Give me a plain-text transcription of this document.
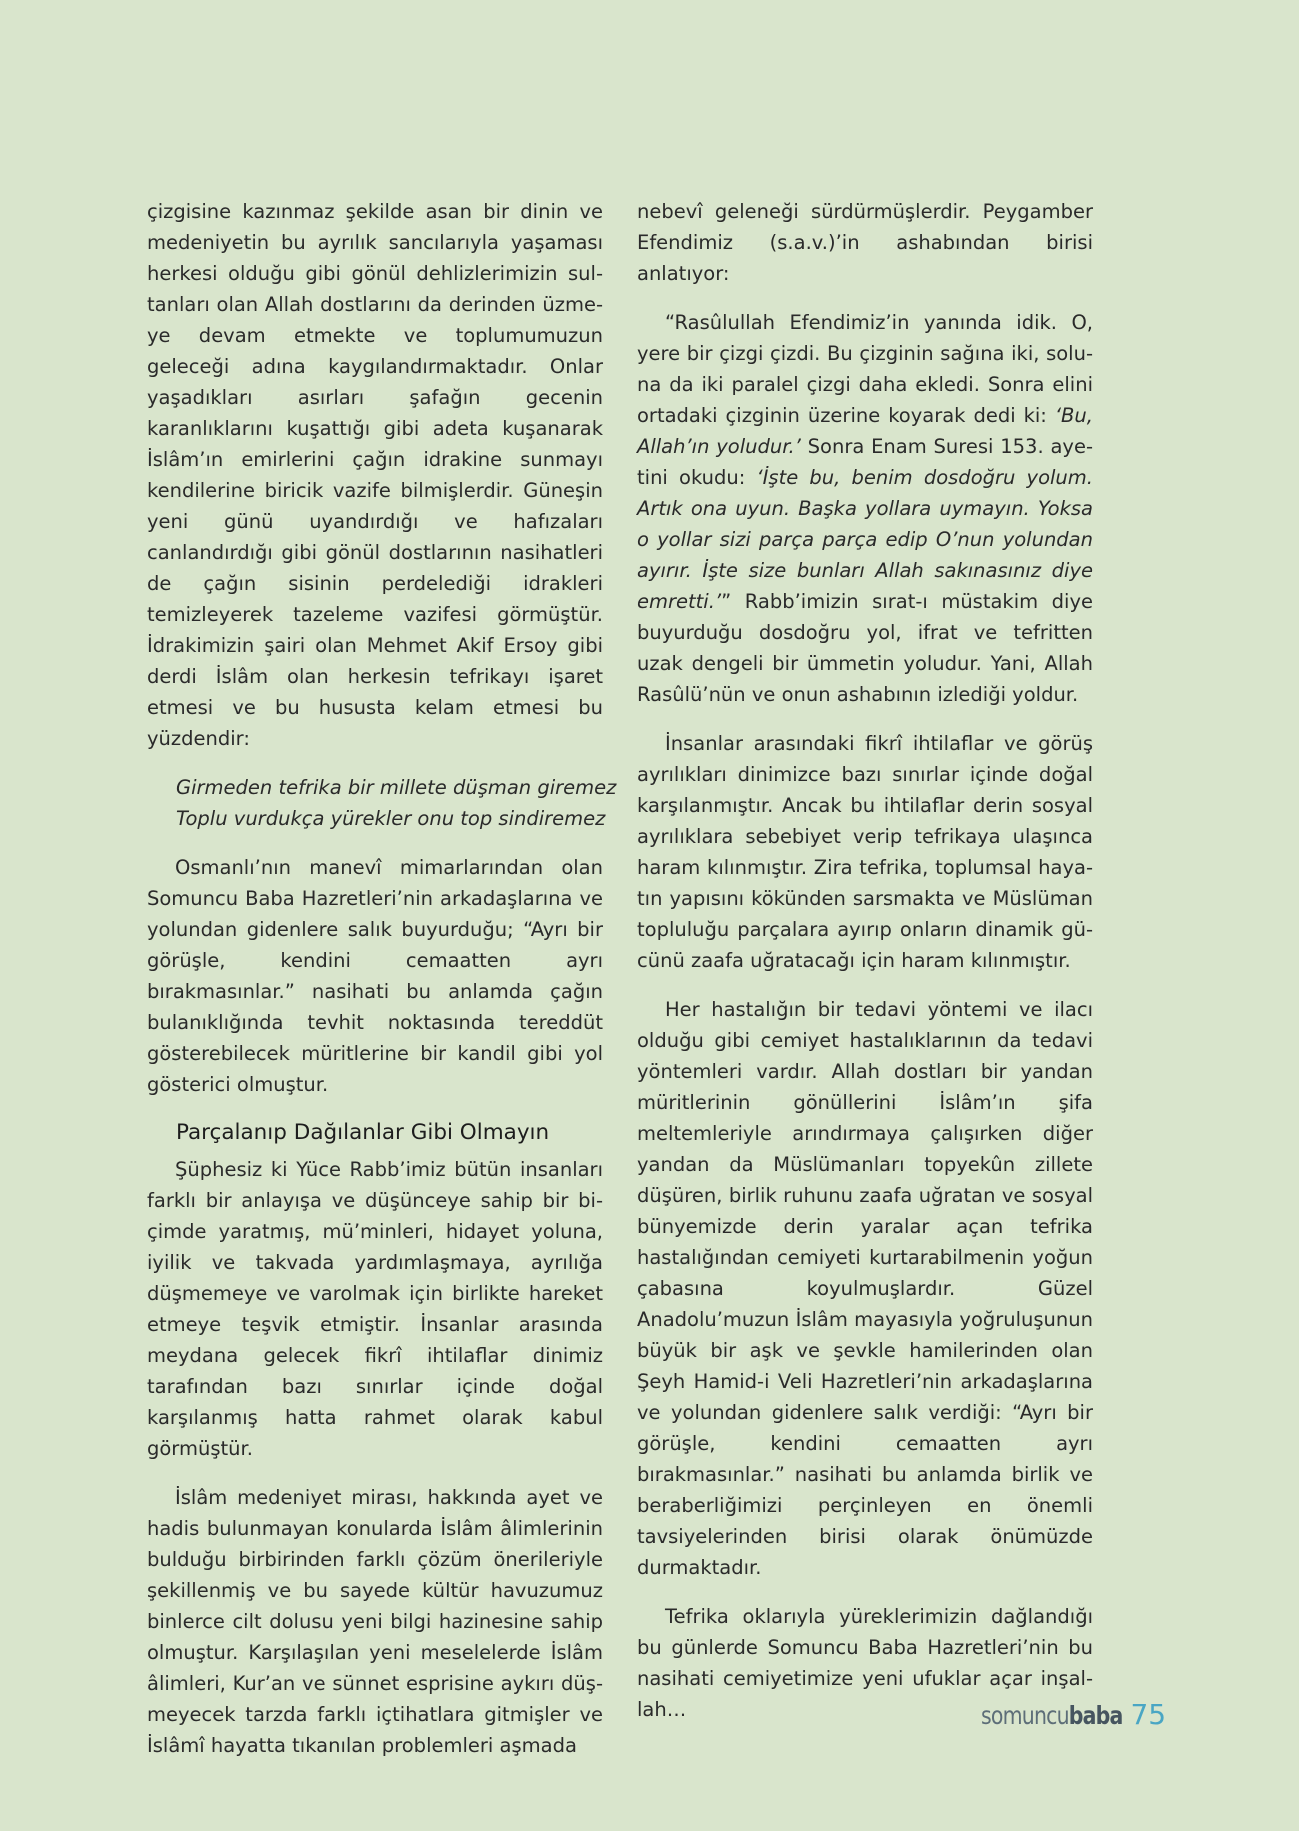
çizgisine kazınmaz şekilde asan bir dinin ve medeniyetin bu ayrılık sancılarıyla yaşaması herkesi olduğu gibi gönül dehlizlerimizin sultanları olan Allah dostlarını da derinden üzmeye devam etmekte ve toplumumuzun geleceği adına kaygılandırmaktadır. Onlar yaşadıkları asırları şafağın gecenin karanlıklarını kuşattığı gibi adeta kuşanarak İslâm’ın emirlerini çağın idrakine sunmayı kendilerine biricik vazife bilmişlerdir. Güneşin yeni günü uyandırdığı ve hafızaları canlandırdığı gibi gönül dostlarının nasihatleri de çağın sisinin perdelediği idrakleri temizleyerek tazeleme vazifesi görmüştür. İdrakimizin şairi olan Mehmet Akif Ersoy gibi derdi İslâm olan herkesin tefrikayı işaret etmesi ve bu hususta kelam etmesi bu yüzdendir:

Girmeden tefrika bir millete düşman giremez
Toplu vurdukça yürekler onu top sindiremez

Osmanlı’nın manevî mimarlarından olan Somuncu Baba Hazretleri’nin arkadaşlarına ve yolundan gidenlere salık buyurduğu; “Ayrı bir görüşle, kendini cemaatten ayrı bırakmasınlar.” nasihati bu anlamda çağın bulanıklığında tevhit noktasında tereddüt gösterebilecek müritlerine bir kandil gibi yol gösterici olmuştur.

Parçalanıp Dağılanlar Gibi Olmayın

Şüphesiz ki Yüce Rabb’imiz bütün insanları farklı bir anlayışa ve düşünceye sahip bir biçimde yaratmış, mü’minleri, hidayet yoluna, iyilik ve takvada yardımlaşmaya, ayrılığa düşmemeye ve varolmak için birlikte hareket etmeye teşvik etmiştir. İnsanlar arasında meydana gelecek fikrî ihtilaflar dinimiz tarafından bazı sınırlar içinde doğal karşılanmış hatta rahmet olarak kabul görmüştür.

İslâm medeniyet mirası, hakkında ayet ve hadis bulunmayan konularda İslâm âlimlerinin bulduğu birbirinden farklı çözüm önerileriyle şekillenmiş ve bu sayede kültür havuzumuz binlerce cilt dolusu yeni bilgi hazinesine sahip olmuştur. Karşılaşılan yeni meselelerde İslâm âlimleri, Kur’an ve sünnet esprisine aykırı düşmeyecek tarzda farklı içtihatlara gitmişler ve İslâmî hayatta tıkanılan problemleri aşmada

nebevî geleneği sürdürmüşlerdir. Peygamber Efendimiz (s.a.v.)’in ashabından birisi anlatıyor:

“Rasûlullah Efendimiz’in yanında idik. O, yere bir çizgi çizdi. Bu çizginin sağına iki, soluna da iki paralel çizgi daha ekledi. Sonra elini ortadaki çizginin üzerine koyarak dedi ki: ‘Bu, Allah’ın yoludur.’ Sonra Enam Suresi 153. ayetini okudu: ‘İşte bu, benim dosdoğru yolum. Artık ona uyun. Başka yollara uymayın. Yoksa o yollar sizi parça parça edip O’nun yolundan ayırır. İşte size bunları Allah sakınasınız diye emretti.’” Rabb’imizin sırat-ı müstakim diye buyurduğu dosdoğru yol, ifrat ve tefritten uzak dengeli bir ümmetin yoludur. Yani, Allah Rasûlü’nün ve onun ashabının izlediği yoldur.

İnsanlar arasındaki fikrî ihtilaflar ve görüş ayrılıkları dinimizce bazı sınırlar içinde doğal karşılanmıştır. Ancak bu ihtilaflar derin sosyal ayrılıklara sebebiyet verip tefrikaya ulaşınca haram kılınmıştır. Zira tefrika, toplumsal hayatın yapısını kökünden sarsmakta ve Müslüman topluluğu parçalara ayırıp onların dinamik gücünü zaafa uğratacağı için haram kılınmıştır.

Her hastalığın bir tedavi yöntemi ve ilacı olduğu gibi cemiyet hastalıklarının da tedavi yöntemleri vardır. Allah dostları bir yandan müritlerinin gönüllerini İslâm’ın şifa meltemleriyle arındırmaya çalışırken diğer yandan da Müslümanları topyekûn zillete düşüren, birlik ruhunu zaafa uğratan ve sosyal bünyemizde derin yaralar açan tefrika hastalığından cemiyeti kurtarabilmenin yoğun çabasına koyulmuşlardır. Güzel Anadolu’muzun İslâm mayasıyla yoğruluşunun büyük bir aşk ve şevkle hamilerinden olan Şeyh Hamid-i Veli Hazretleri’nin arkadaşlarına ve yolundan gidenlere salık verdiği: “Ayrı bir görüşle, kendini cemaatten ayrı bırakmasınlar.” nasihati bu anlamda birlik ve beraberliğimizi perçinleyen en önemli tavsiyelerinden birisi olarak önümüzde durmaktadır.

Tefrika oklarıyla yüreklerimizin dağlandığı bu günlerde Somuncu Baba Hazretleri’nin bu nasihati cemiyetimize yeni ufuklar açar inşallah…	somuncubaba 75
